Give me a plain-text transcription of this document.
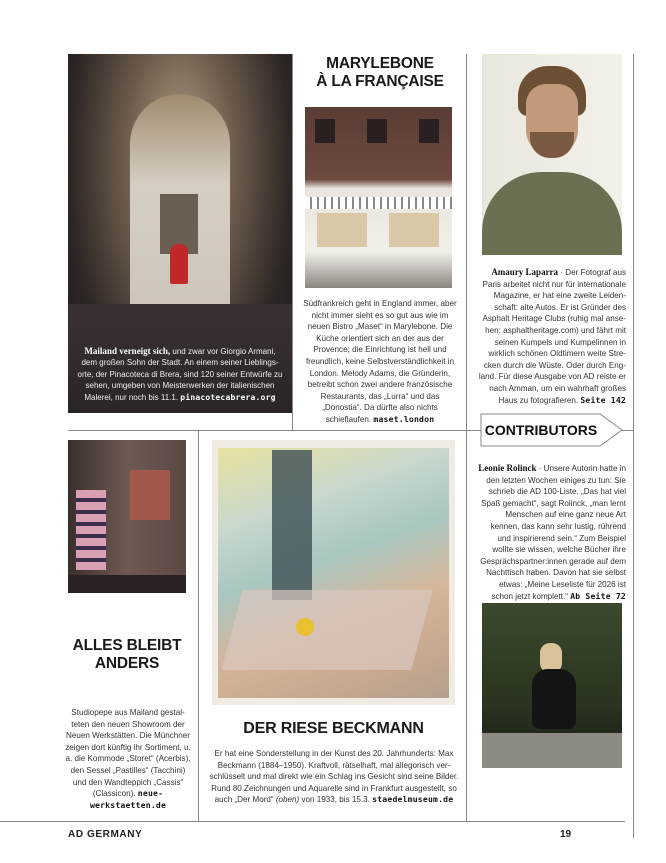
Mailand verneigt sich, und zwar vor Giorgio Armani, dem großen Sohn der Stadt. An einem seiner Lieblingsorte, der Pinacoteca di Brera, sind 120 seiner Entwürfe zu sehen, umgeben von Meisterwerken der italienischen Malerei, nur noch bis 11.1. pinacotecabrera.org
MARYLEBONE
À LA FRANÇAISE
Südfrankreich geht in England immer, aber nicht immer sieht es so gut aus wie im neuen Bistro „Maset“ in Marylebone. Die Küche orientiert sich an der aus der Provence; die Einrichtung ist hell und freundlich, keine Selbstverständlichkeit in London. Melody Adams, die Gründerin, betreibt schon zwei andere französische Restaurants, das „Lurra“ und das „Donostia“. Da dürfte also nichts schieflaufen. maset.london
Amaury Laparra · Der Fotograf aus Paris arbeitet nicht nur für internationale Magazine, er hat eine zweite Leidenschaft: alte Autos. Er ist Gründer des Asphalt Heritage Clubs (ruhig mal ansehen: asphaltheritage.com) und fährt mit seinen Kumpels und Kumpelinnen in wirklich schönen Oldtimern weite Strecken durch die Wüste. Oder durch England. Für diese Ausgabe von AD reiste er nach Amman, um ein wahrhaft großes Haus zu fotografieren. Seite 142
CONTRIBUTORS
Leonie Rolinck · Unsere Autorin hatte in den letzten Wochen einiges zu tun: Sie schrieb die AD 100-Liste. „Das hat viel Spaß gemacht“, sagt Rolinck, „man lernt Menschen auf eine ganz neue Art kennen, das kann sehr lustig, rührend und inspirierend sein.“ Zum Beispiel wollte sie wissen, welche Bücher ihre Gesprächspartner:innen gerade auf dem Nachttisch haben. Davon hat sie selbst etwas: „Meine Leseliste für 2026 ist schon jetzt komplett.“ Ab Seite 72
ALLES BLEIBT
ANDERS
Studiopepe aus Mailand gestalteten den neuen Showroom der Neuen Werkstätten. Die Münchner zeigen dort künftig ihr Sortiment, u. a. die Kommode „Storet“ (Acerbis), den Sessel „Pastilles“ (Tacchini) und den Wandteppich „Cassis“ (Classicon). neue-werkstaetten.de
DER RIESE BECKMANN
Er hat eine Sonderstellung in der Kunst des 20. Jahrhunderts: Max Beckmann (1884–1950). Kraftvoll, rätselhaft, mal allegorisch verschlüsselt und mal direkt wie ein Schlag ins Gesicht sind seine Bilder. Rund 80 Zeichnungen und Aquarelle sind in Frankfurt ausgestellt, so auch „Der Mord“ (oben) von 1933, bis 15.3. staedelmuseum.de
AD GERMANY	19
